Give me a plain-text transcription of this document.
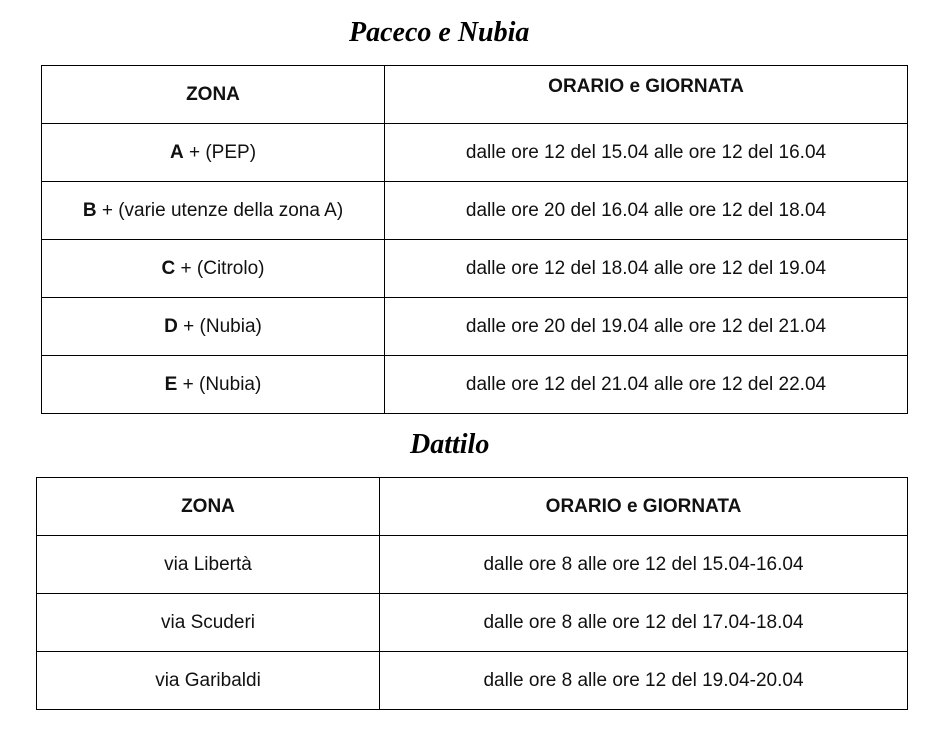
Paceco e Nubia
ZONA	ORARIO e GIORNATA
A + (PEP)	dalle ore 12 del 15.04 alle ore 12 del 16.04
B + (varie utenze della zona A)	dalle ore 20 del 16.04 alle ore 12 del 18.04
C + (Citrolo)	dalle ore 12 del 18.04 alle ore 12 del 19.04
D + (Nubia)	dalle ore 20 del 19.04 alle ore 12 del 21.04
E + (Nubia)	dalle ore 12 del 21.04 alle ore 12 del 22.04
Dattilo
ZONA	ORARIO e GIORNATA
via Libertà	dalle ore 8 alle ore 12 del 15.04-16.04
via Scuderi	dalle ore 8 alle ore 12 del 17.04-18.04
via Garibaldi	dalle ore 8 alle ore 12 del 19.04-20.04
